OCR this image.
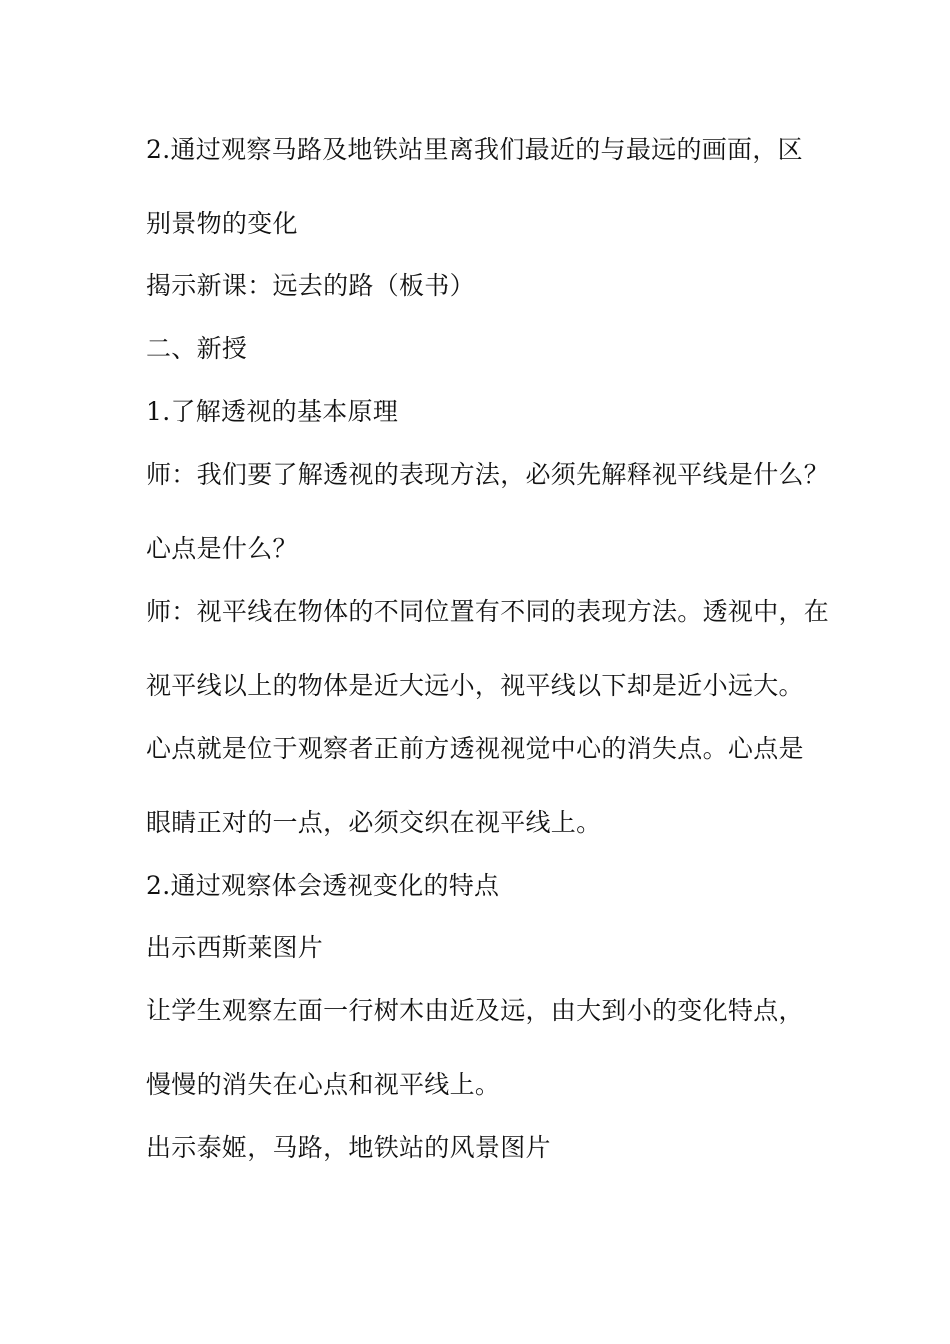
2.通过观察马路及地铁站里离我们最近的与最远的画面，区
别景物的变化
揭示新课：远去的路（板书）
二、新授
1.了解透视的基本原理
师：我们要了解透视的表现方法，必须先解释视平线是什么？
心点是什么？
师：视平线在物体的不同位置有不同的表现方法。透视中，在
视平线以上的物体是近大远小，视平线以下却是近小远大。
心点就是位于观察者正前方透视视觉中心的消失点。心点是
眼睛正对的一点，必须交织在视平线上。
2.通过观察体会透视变化的特点
出示西斯莱图片
让学生观察左面一行树木由近及远，由大到小的变化特点，
慢慢的消失在心点和视平线上。
出示泰姬，马路，地铁站的风景图片
